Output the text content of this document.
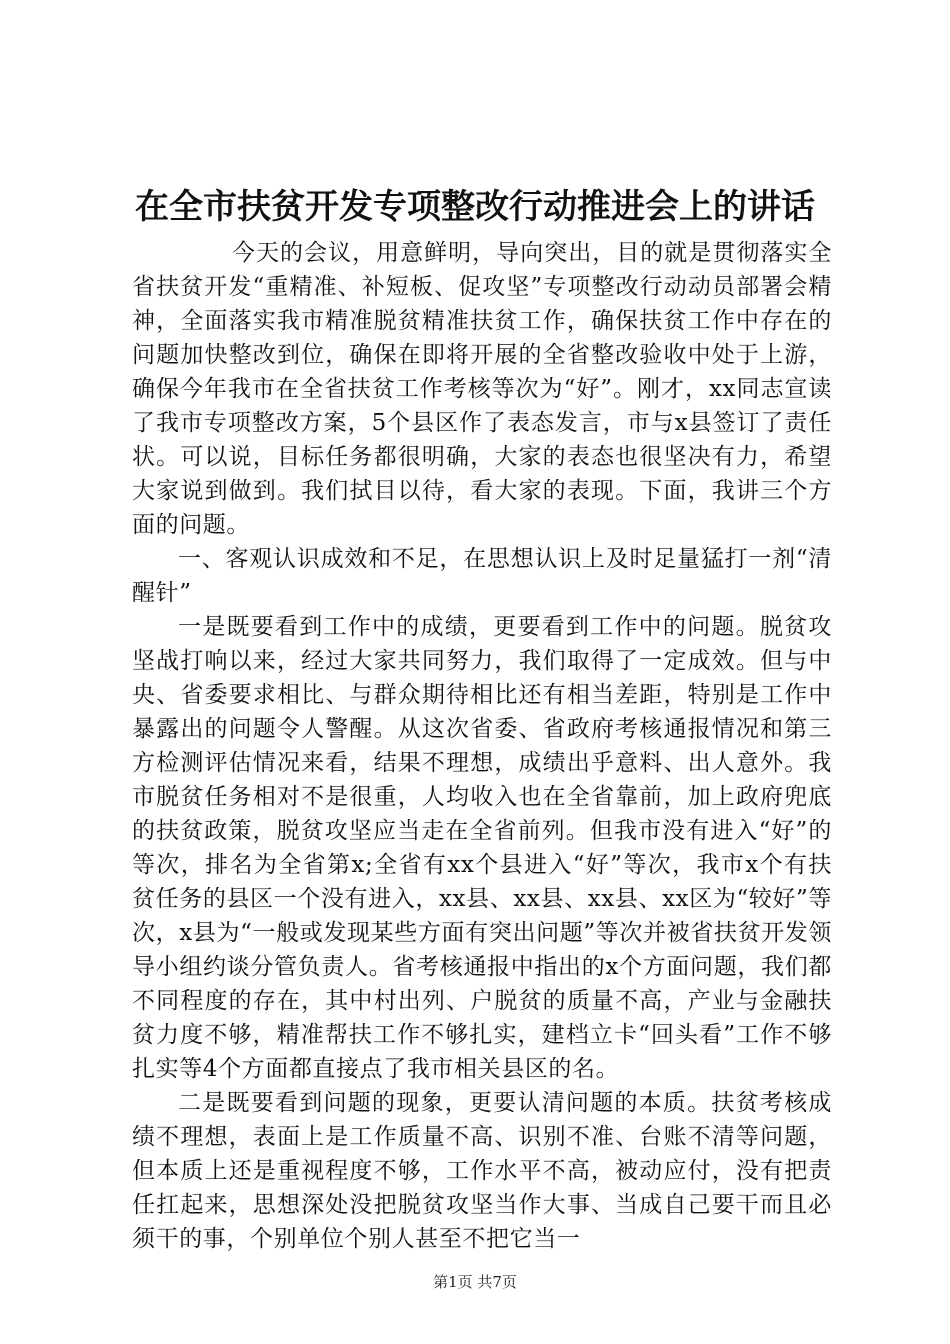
在全市扶贫开发专项整改行动推进会上的讲话

今天的会议，用意鲜明，导向突出，目的就是贯彻落实全省扶贫开发“重精准、补短板、促攻坚”专项整改行动动员部署会精神，全面落实我市精准脱贫精准扶贫工作，确保扶贫工作中存在的问题加快整改到位，确保在即将开展的全省整改验收中处于上游，确保今年我市在全省扶贫工作考核等次为“好”。刚才，xx同志宣读了我市专项整改方案，5个县区作了表态发言，市与x县签订了责任状。可以说，目标任务都很明确，大家的表态也很坚决有力，希望大家说到做到。我们拭目以待，看大家的表现。下面，我讲三个方面的问题。

一、客观认识成效和不足，在思想认识上及时足量猛打一剂“清醒针”

一是既要看到工作中的成绩，更要看到工作中的问题。脱贫攻坚战打响以来，经过大家共同努力，我们取得了一定成效。但与中央、省委要求相比、与群众期待相比还有相当差距，特别是工作中暴露出的问题令人警醒。从这次省委、省政府考核通报情况和第三方检测评估情况来看，结果不理想，成绩出乎意料、出人意外。我市脱贫任务相对不是很重，人均收入也在全省靠前，加上政府兜底的扶贫政策，脱贫攻坚应当走在全省前列。但我市没有进入“好”的等次，排名为全省第x;全省有xx个县进入“好”等次，我市x个有扶贫任务的县区一个没有进入，xx县、xx县、xx县、xx区为“较好”等次，x县为“一般或发现某些方面有突出问题”等次并被省扶贫开发领导小组约谈分管负责人。省考核通报中指出的x个方面问题，我们都不同程度的存在，其中村出列、户脱贫的质量不高，产业与金融扶贫力度不够，精准帮扶工作不够扎实，建档立卡“回头看”工作不够扎实等4个方面都直接点了我市相关县区的名。

二是既要看到问题的现象，更要认清问题的本质。扶贫考核成绩不理想，表面上是工作质量不高、识别不准、台账不清等问题，但本质上还是重视程度不够，工作水平不高，被动应付，没有把责任扛起来，思想深处没把脱贫攻坚当作大事、当成自己要干而且必须干的事，个别单位个别人甚至不把它当一

第1页 共7页
